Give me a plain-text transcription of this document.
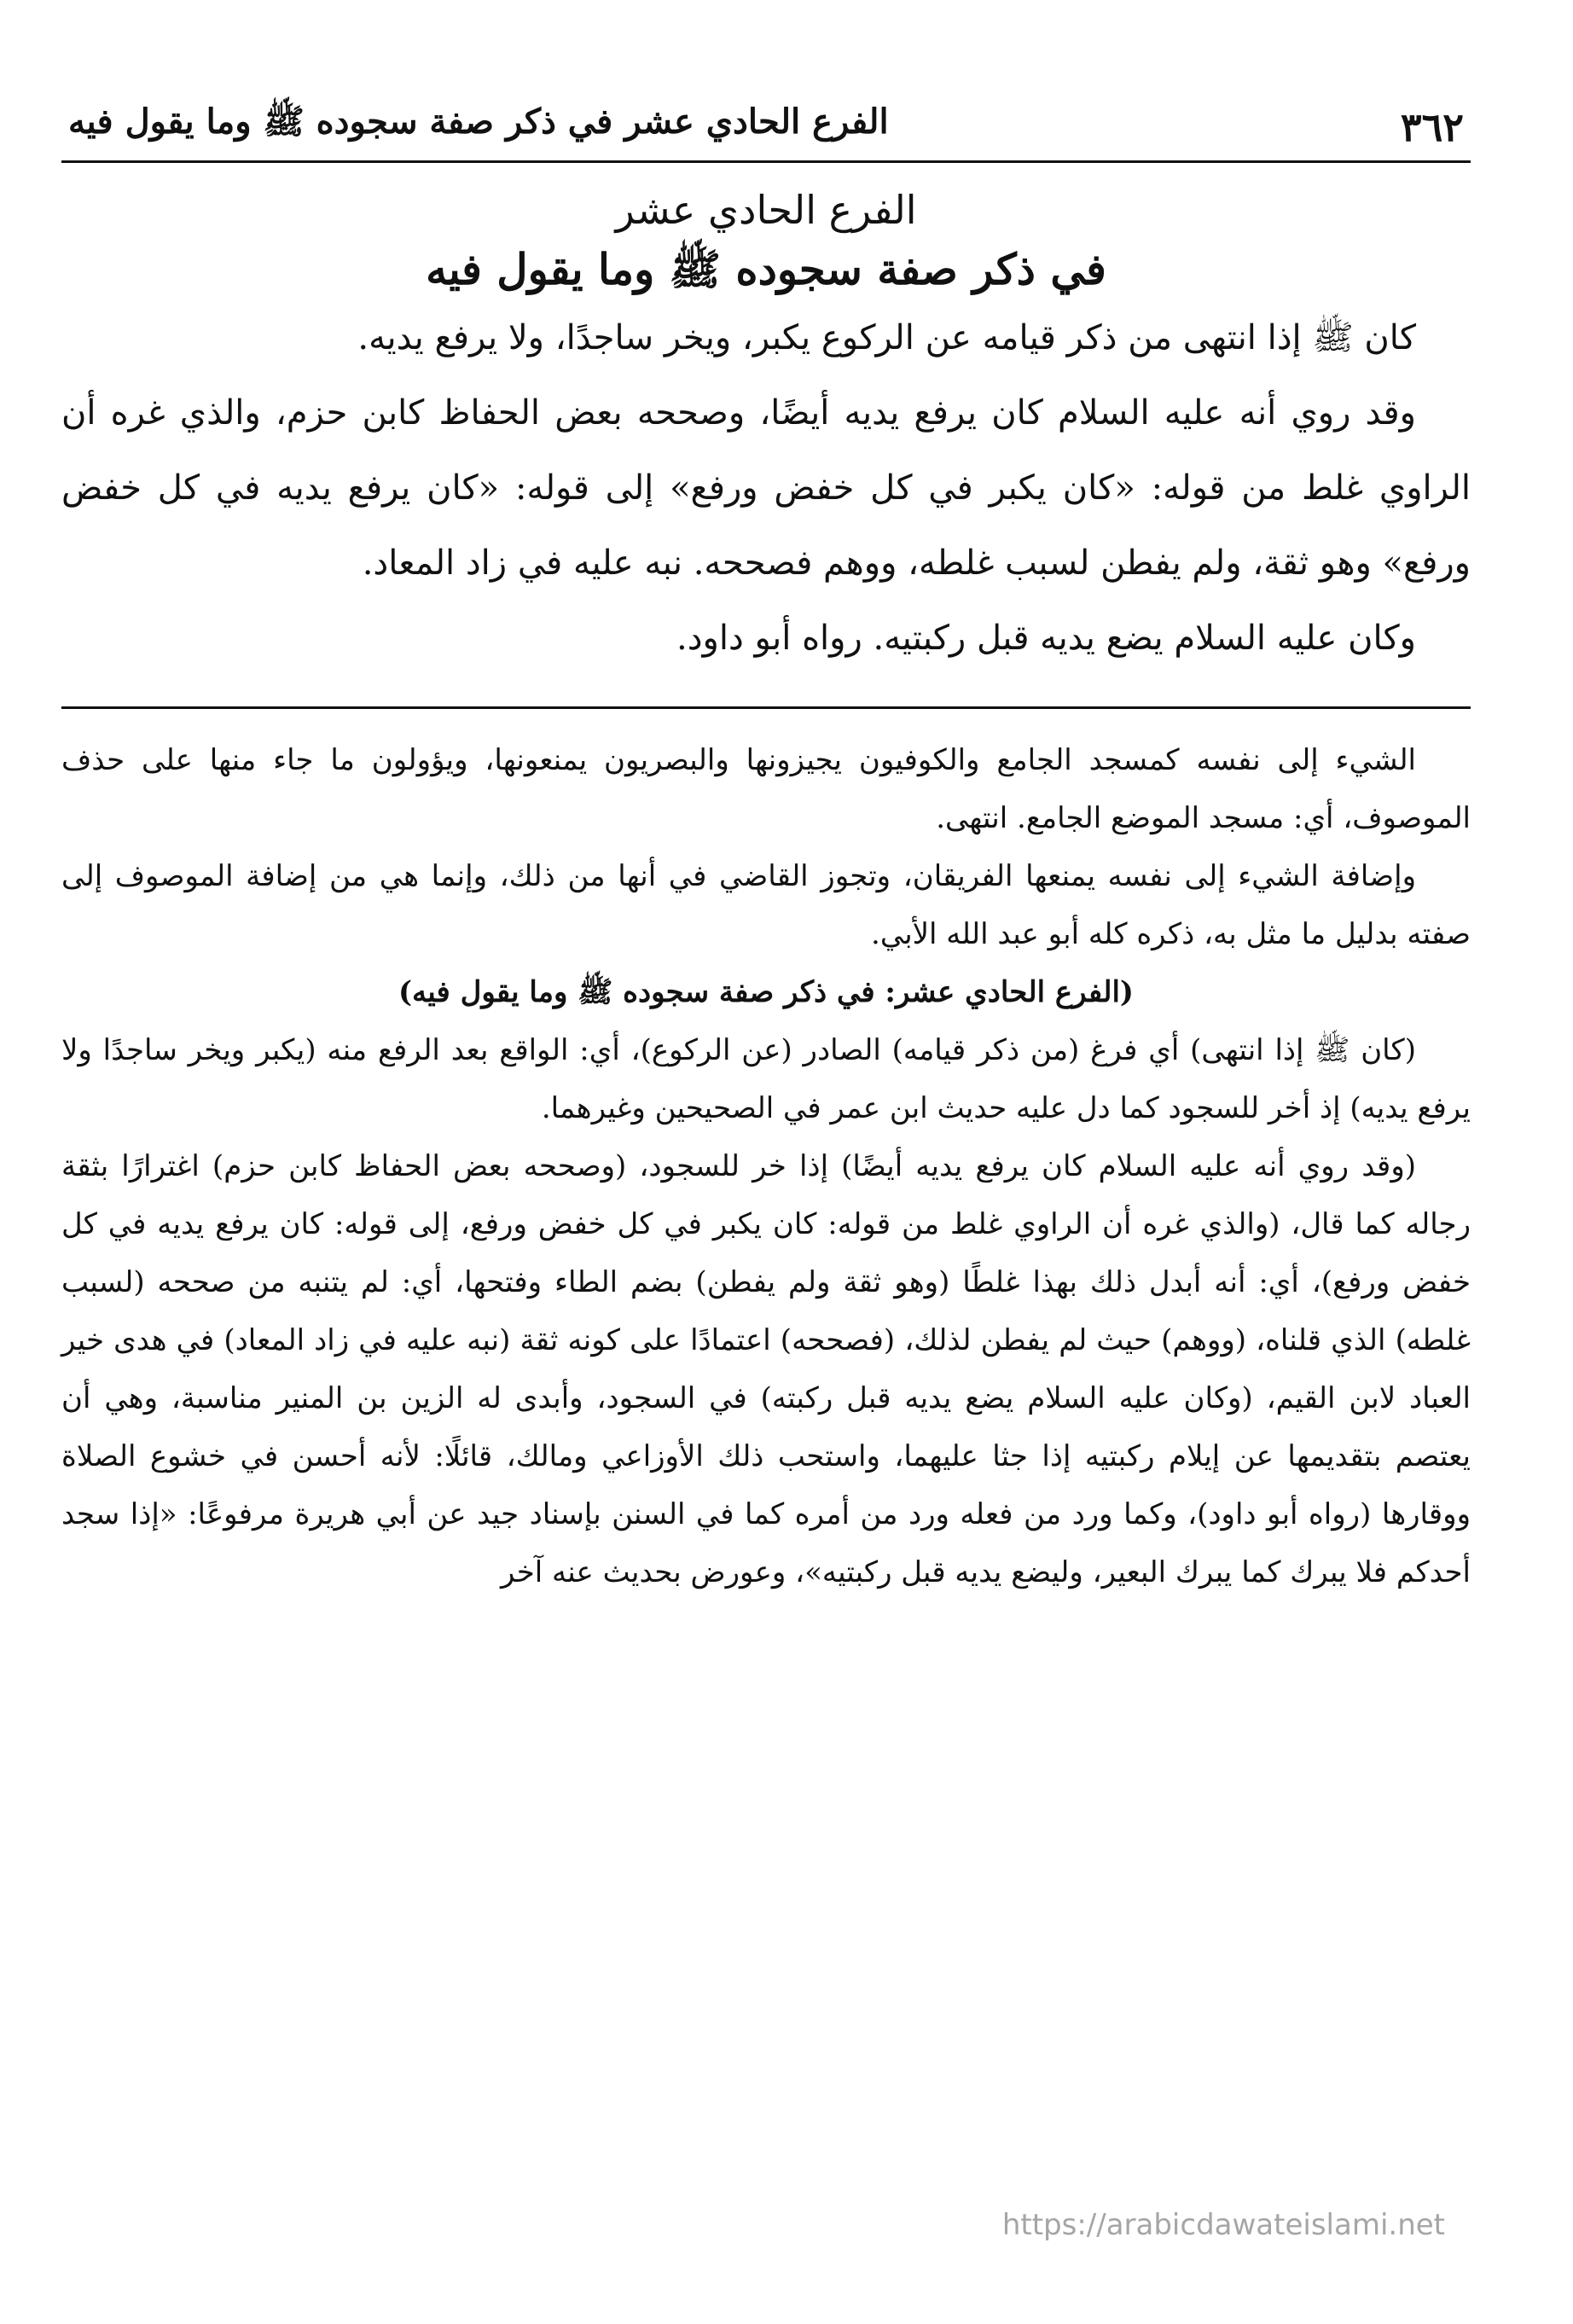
٣٦٢
الفرع الحادي عشر في ذكر صفة سجوده ﷺ وما يقول فيه
الفرع الحادي عشر
في ذكر صفة سجوده ﷺ وما يقول فيه

كان ﷺ إذا انتهى من ذكر قيامه عن الركوع يكبر، ويخر ساجدًا، ولا يرفع يديه.

وقد روي أنه عليه السلام كان يرفع يديه أيضًا، وصححه بعض الحفاظ كابن حزم، والذي غره أن الراوي غلط من قوله: «كان يكبر في كل خفض ورفع» إلى قوله: «كان يرفع يديه في كل خفض ورفع» وهو ثقة، ولم يفطن لسبب غلطه، ووهم فصححه. نبه عليه في زاد المعاد.

وكان عليه السلام يضع يديه قبل ركبتيه. رواه أبو داود.

الشيء إلى نفسه كمسجد الجامع والكوفيون يجيزونها والبصريون يمنعونها، ويؤولون ما جاء منها على حذف الموصوف، أي: مسجد الموضع الجامع. انتهى.

وإضافة الشيء إلى نفسه يمنعها الفريقان، وتجوز القاضي في أنها من ذلك، وإنما هي من إضافة الموصوف إلى صفته بدليل ما مثل به، ذكره كله أبو عبد الله الأبي.

(الفرع الحادي عشر: في ذكر صفة سجوده ﷺ وما يقول فيه)

(كان ﷺ إذا انتهى) أي فرغ (من ذكر قيامه) الصادر (عن الركوع)، أي: الواقع بعد الرفع منه (يكبر ويخر ساجدًا ولا يرفع يديه) إذ أخر للسجود كما دل عليه حديث ابن عمر في الصحيحين وغيرهما.

(وقد روي أنه عليه السلام كان يرفع يديه أيضًا) إذا خر للسجود، (وصححه بعض الحفاظ كابن حزم) اغترارًا بثقة رجاله كما قال، (والذي غره أن الراوي غلط من قوله: كان يكبر في كل خفض ورفع، إلى قوله: كان يرفع يديه في كل خفض ورفع)، أي: أنه أبدل ذلك بهذا غلطًا (وهو ثقة ولم يفطن) بضم الطاء وفتحها، أي: لم يتنبه من صححه (لسبب غلطه) الذي قلناه، (ووهم) حيث لم يفطن لذلك، (فصححه) اعتمادًا على كونه ثقة (نبه عليه في زاد المعاد) في هدى خير العباد لابن القيم، (وكان عليه السلام يضع يديه قبل ركبته) في السجود، وأبدى له الزين بن المنير مناسبة، وهي أن يعتصم بتقديمها عن إيلام ركبتيه إذا جثا عليهما، واستحب ذلك الأوزاعي ومالك، قائلًا: لأنه أحسن في خشوع الصلاة ووقارها (رواه أبو داود)، وكما ورد من فعله ورد من أمره كما في السنن بإسناد جيد عن أبي هريرة مرفوعًا: «إذا سجد أحدكم فلا يبرك كما يبرك البعير، وليضع يديه قبل ركبتيه»، وعورض بحديث عنه آخر

https://arabicdawateislami.net
